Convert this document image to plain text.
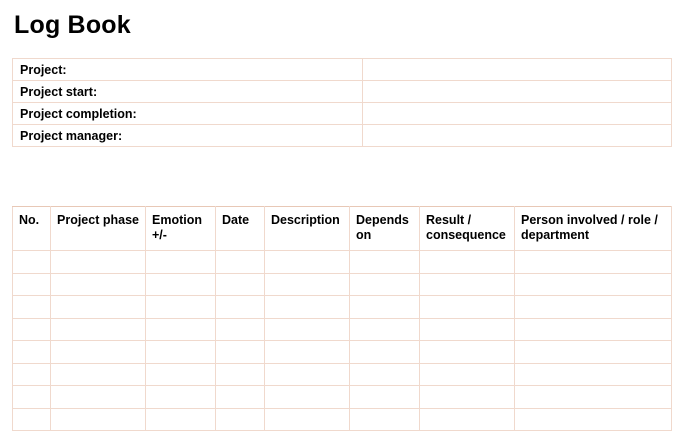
Log Book
Project:	
Project start:	
Project completion:	
Project manager:	
No.	Project phase	Emotion +/-	Date	Description	Depends on	Result / consequence	Person involved / role / department
